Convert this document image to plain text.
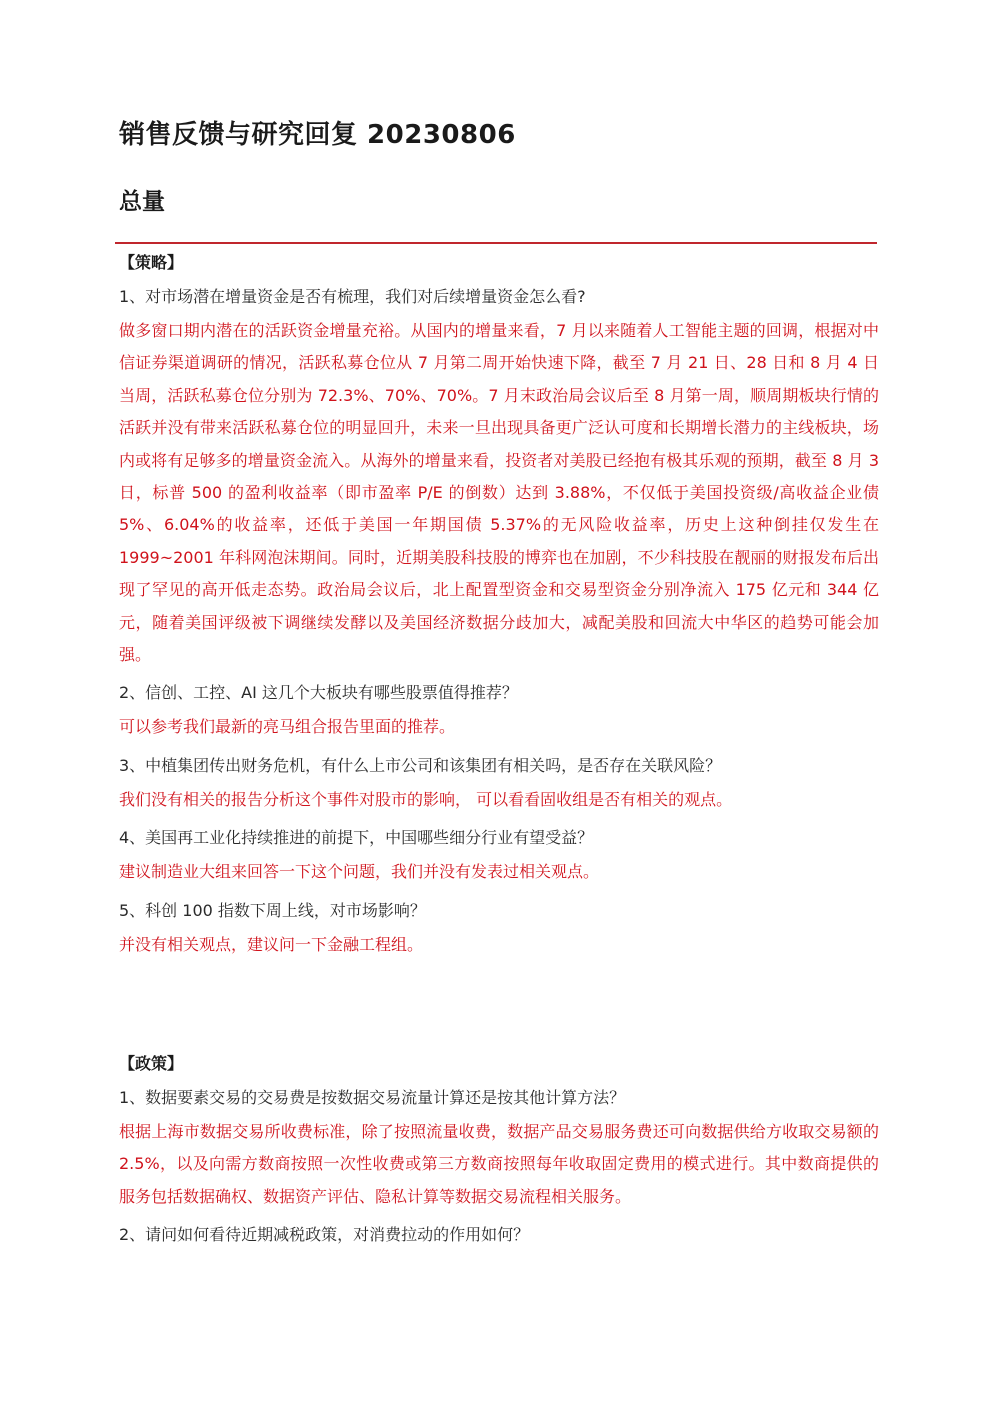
销售反馈与研究回复 20230806
总量

【策略】

1、对市场潜在增量资金是否有梳理，我们对后续增量资金怎么看?

做多窗口期内潜在的活跃资金增量充裕。从国内的增量来看，7 月以来随着人工智能主题的回调，根据对中信证券渠道调研的情况，活跃私募仓位从 7 月第二周开始快速下降，截至 7 月 21 日、28 日和 8 月 4 日当周，活跃私募仓位分别为 72.3%、70%、70%。7 月末政治局会议后至 8 月第一周，顺周期板块行情的活跃并没有带来活跃私募仓位的明显回升，未来一旦出现具备更广泛认可度和长期增长潜力的主线板块，场内或将有足够多的增量资金流入。从海外的增量来看，投资者对美股已经抱有极其乐观的预期，截至 8 月 3 日，标普 500 的盈利收益率（即市盈率 P/E 的倒数）达到 3.88%，不仅低于美国投资级/高收益企业债 5%、6.04%的收益率，还低于美国一年期国债 5.37%的无风险收益率，历史上这种倒挂仅发生在 1999~2001 年科网泡沫期间。同时，近期美股科技股的博弈也在加剧，不少科技股在靓丽的财报发布后出现了罕见的高开低走态势。政治局会议后，北上配置型资金和交易型资金分别净流入 175 亿元和 344 亿元，随着美国评级被下调继续发酵以及美国经济数据分歧加大，减配美股和回流大中华区的趋势可能会加强。

2、信创、工控、AI 这几个大板块有哪些股票值得推荐？

可以参考我们最新的亮马组合报告里面的推荐。

3、中植集团传出财务危机，有什么上市公司和该集团有相关吗，是否存在关联风险？

我们没有相关的报告分析这个事件对股市的影响， 可以看看固收组是否有相关的观点。

4、美国再工业化持续推进的前提下，中国哪些细分行业有望受益？

建议制造业大组来回答一下这个问题，我们并没有发表过相关观点。

5、科创 100 指数下周上线，对市场影响？

并没有相关观点，建议问一下金融工程组。

【政策】

1、数据要素交易的交易费是按数据交易流量计算还是按其他计算方法？

根据上海市数据交易所收费标准，除了按照流量收费，数据产品交易服务费还可向数据供给方收取交易额的 2.5%，以及向需方数商按照一次性收费或第三方数商按照每年收取固定费用的模式进行。其中数商提供的服务包括数据确权、数据资产评估、隐私计算等数据交易流程相关服务。

2、请问如何看待近期减税政策，对消费拉动的作用如何？
